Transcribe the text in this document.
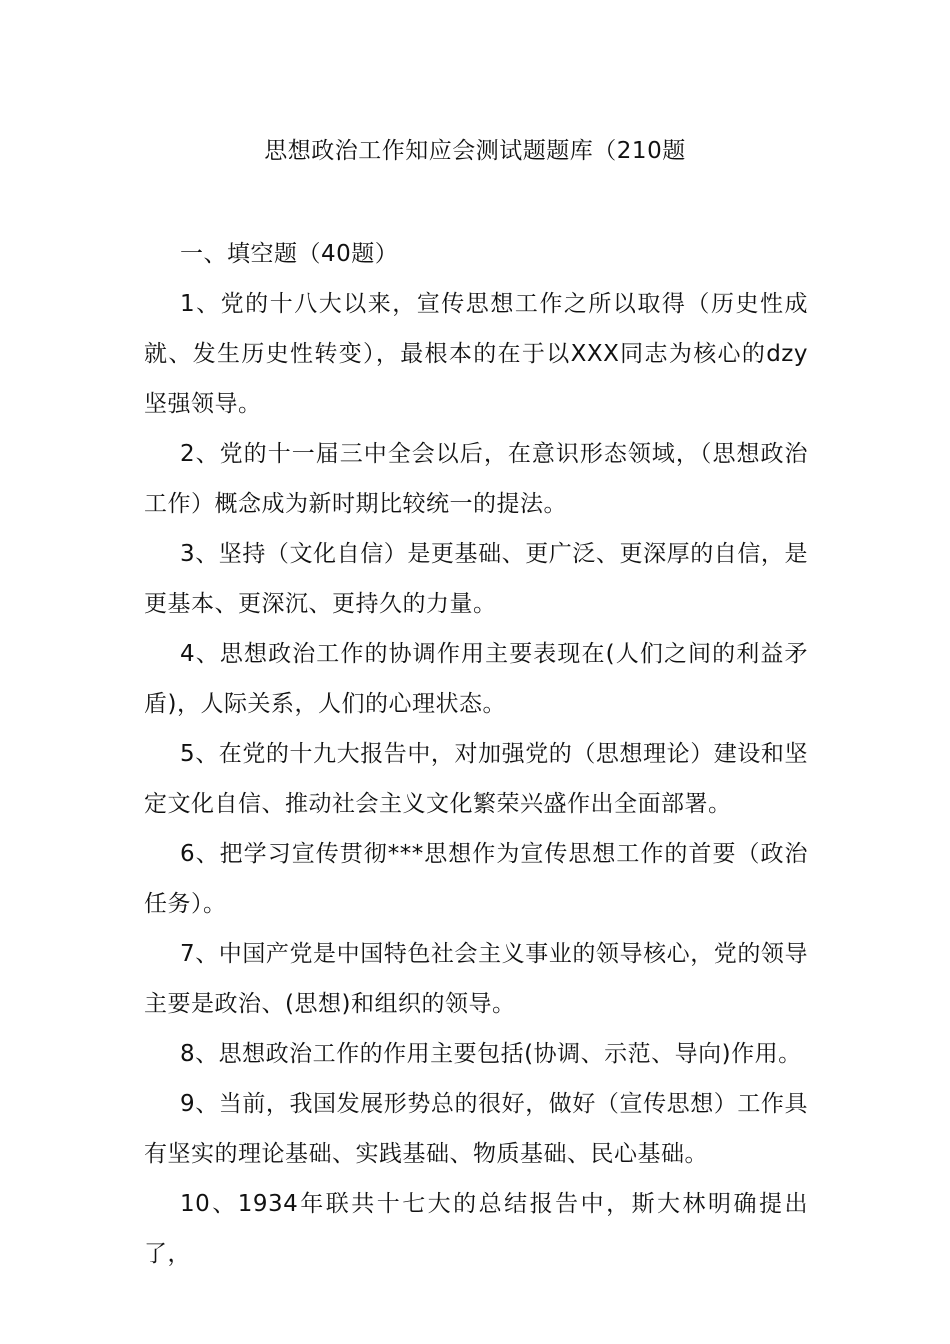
思想政治工作知应会测试题题库（210题

一、填空题（40题）

1、党的十八大以来，宣传思想工作之所以取得（历史性成就、发生历史性转变），最根本的在于以XXX同志为核心的dzy坚强领导。

2、党的十一届三中全会以后，在意识形态领域，（思想政治工作）概念成为新时期比较统一的提法。

3、坚持（文化自信）是更基础、更广泛、更深厚的自信，是更基本、更深沉、更持久的力量。

4、思想政治工作的协调作用主要表现在(人们之间的利益矛盾)，人际关系，人们的心理状态。

5、在党的十九大报告中，对加强党的（思想理论）建设和坚定文化自信、推动社会主义文化繁荣兴盛作出全面部署。

6、把学习宣传贯彻***思想作为宣传思想工作的首要（政治任务）。

7、中国产党是中国特色社会主义事业的领导核心，党的领导主要是政治、(思想)和组织的领导。

8、思想政治工作的作用主要包括(协调、示范、导向)作用。

9、当前，我国发展形势总的很好，做好（宣传思想）工作具有坚实的理论基础、实践基础、物质基础、民心基础。

10、1934年联共十七大的总结报告中，斯大林明确提出了，
